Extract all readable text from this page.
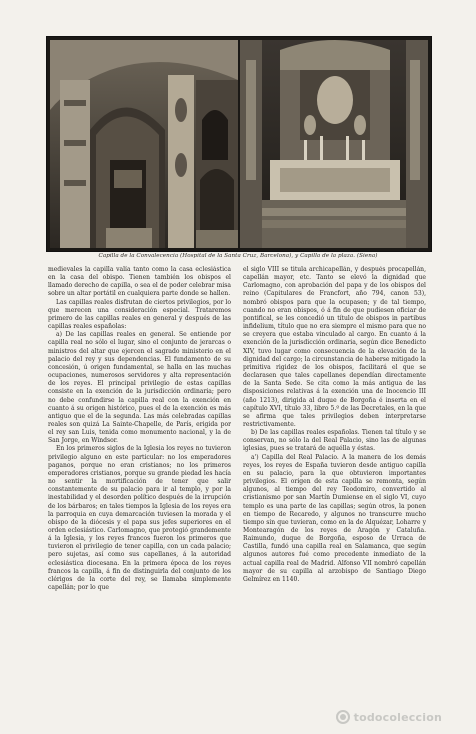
Capilla de la Convalecencia (Hospital de la Santa Cruz, Barcelona), y Capilla de la plaza. (Siena)

medievales la capilla valía tanto como la casa eclesiástica en la casa del obispo. Tienen también los obispos el llamado derecho de capilla, o sea el de poder celebrar misa sobre un altar portátil en cualquiera parte donde se hallen.

Las capillas reales disfrutan de ciertos privilegios, por lo que merecen una consideración especial. Trataremos primero de las capillas reales en general y después de las capillas reales españolas:

a) De las capillas reales en general. Se entiende por capilla real no sólo el lugar, sino el conjunto de jerarcas o ministros del altar que ejercen el sagrado ministerio en el palacio del rey y sus dependencias. El fundamento de su concesión, ú origen fundamental, se halla en las muchas ocupaciones, numerosos servidores y alta representación de los reyes. El principal privilegio de estas capillas consiste en la exención de la jurisdicción ordinaria; pero no debe confundirse la capilla real con la exención en cuanto á su origen histórico, pues el de la exención es más antiguo que el de la segunda. Las más celebradas capillas reales son quizá La Sainte-Chapelle, de París, erigida por el rey san Luis, tenida como monumento nacional, y la de San Jorge, en Windsor.

En los primeros siglos de la Iglesia los reyes no tuvieron privilegio alguno en este particular: no los emperadores paganos, porque no eran cristianos; no los primeros emperadores cristianos, porque su grande piedad les hacía no sentir la mortificación de tener que salir constantemente de su palacio para ir al templo, y por la inestabilidad y el desorden político después de la irrupción de los bárbaros; en tales tiempos la Iglesia de los reyes era la parroquia en cuya demarcación tuviesen la morada y el obispo de la diócesis y el papa sus jefes superiores en el orden eclesiástico. Carlomagno, que protegió grandemente á la Iglesia, y los reyes francos fueron los primeros que tuvieron el privilegio de tener capilla, con un cada palacio; pero sujetas, así como sus capellanes, á la autoridad eclesiástica diocesana. En la primera época de los reyes francos la capilla, á fin de distinguirla del conjunto de los clérigos de la corte del rey, se llamaba simplemente capellán; por lo que

el siglo VIII se titula archicapellán, y después procapellán, capellán mayor, etc. Tanto se elevó la dignidad que Carlomagno, con aprobación del papa y de los obispos del reino (Capitulares de Francfort, año 794, canon 53), nombró obispos para que la ocupasen; y de tal tiempo, cuando no eran obispos, ó á fin de que pudiesen oficiar de pontifical, se les concedió un título de obispos in partibus infidelium, título que no era siempre el mismo para que no se creyera que estaba vinculado al cargo. En cuanto á la exención de la jurisdicción ordinaria, según dice Benedicto XIV, tuvo lugar como consecuencia de la elevación de la dignidad del cargo; la circunstancia de haberse mitigado la primitiva rigidez de los obispos, facilitará el que se declarasen que tales capellanes dependían directamente de la Santa Sede. Se cita como la más antigua de las disposiciones relativas á la exención una de Inocencio III (año 1213), dirigida al duque de Borgoña é inserta en el capítulo XVI, título 33, libro 5.º de las Decretales, en la que se afirma que tales privilegios deben interpretarse restrictivamente.

b) De las capillas reales españolas. Tienen tal título y se conservan, no sólo la del Real Palacio, sino las de algunas iglesias, pues se tratará de aquélla y éstas.

a') Capilla del Real Palacio. A la manera de los demás reyes, los reyes de España tuvieron desde antiguo capilla en su palacio, para la que obtuvieron importantes privilegios. El origen de esta capilla se remonta, según algunos, al tiempo del rey Teodomiro, convertido al cristianismo por san Martín Dumiense en el siglo VI, cuyo templo es una parte de las capillas; según otros, la ponen en tiempo de Recaredo, y algunos no transcurre mucho tiempo sin que tuvieran, como en la de Alquézar, Loharre y Montearagón de los reyes de Aragón y Cataluña. Raimundo, duque de Borgoña, esposo de Urraca de Castilla, fundó una capilla real en Salamanca, que según algunos autores fué como precedente inmediato de la actual capilla real de Madrid. Alfonso VII nombró capellán mayor de su capilla al arzobispo de Santiago Diego Gelmírez en 1140.

todocoleccion
